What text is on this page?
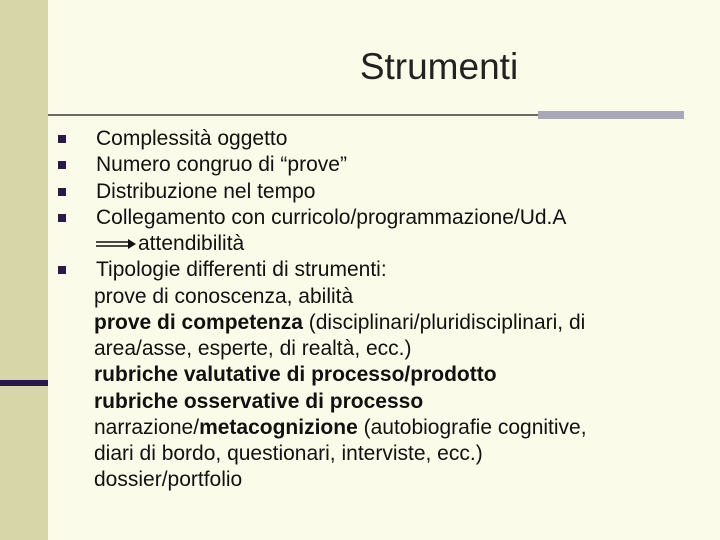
Strumenti

Complessità oggetto

Numero congruo di “prove”

Distribuzione nel tempo

Collegamento con curricolo/programmazione/Ud.A

attendibilità

Tipologie differenti di strumenti:

prove di conoscenza, abilità

prove di competenza (disciplinari/pluridisciplinari, di

area/asse, esperte, di realtà, ecc.)

rubriche valutative di processo/prodotto

rubriche osservative di processo

narrazione/metacognizione (autobiografie cognitive,

diari di bordo, questionari, interviste, ecc.)

dossier/portfolio
